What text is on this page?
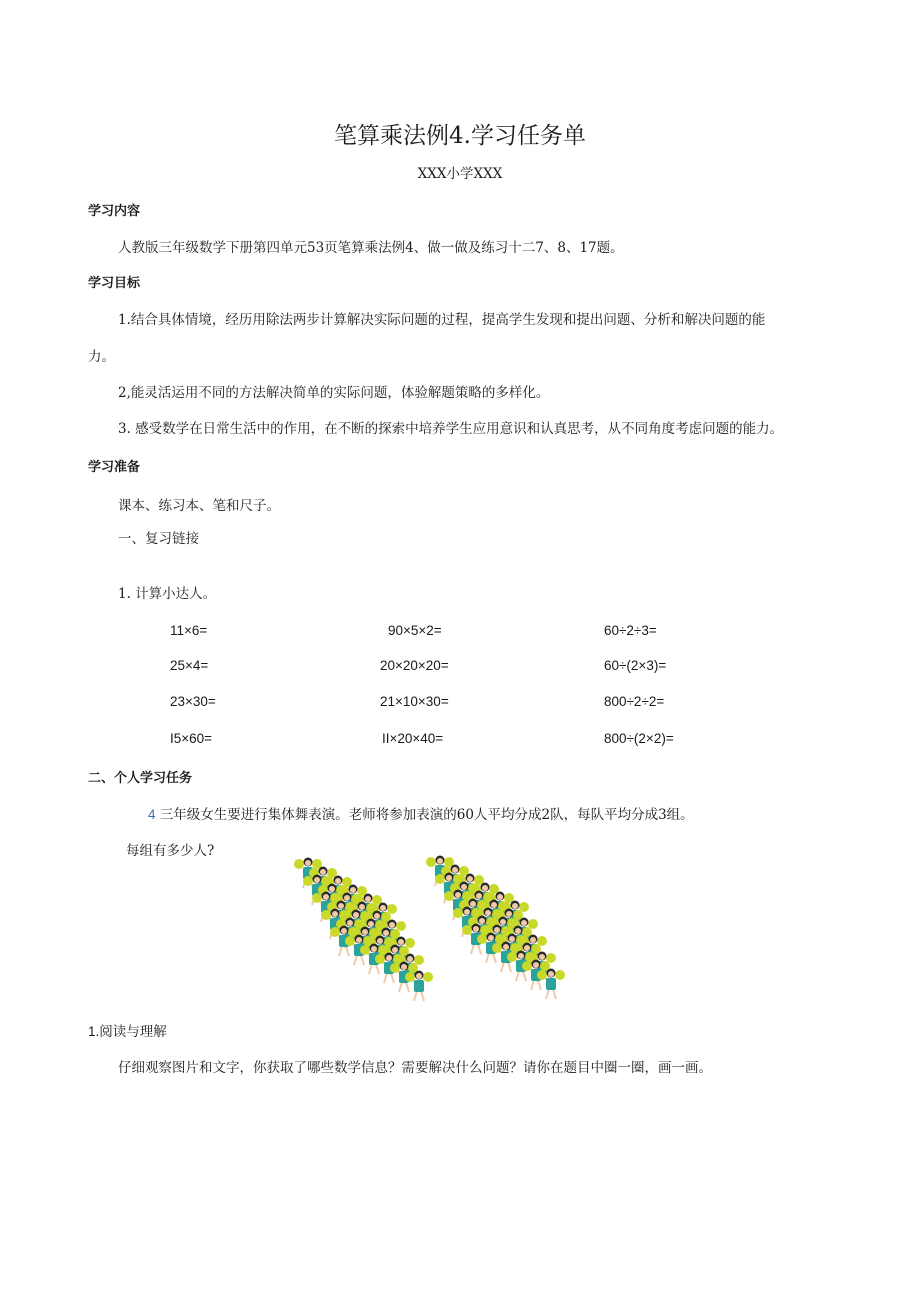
笔算乘法例4.学习任务单
XXX小学XXX
学习内容
人教版三年级数学下册第四单元53页笔算乘法例4、做一做及练习十二7、8、17题。
学习目标
1.结合具体情境，经历用除法两步计算解决实际问题的过程，提高学生发现和提出问题、分析和解决问题的能
力。
2,能灵活运用不同的方法解决简单的实际问题，体验解题策略的多样化。
3. 感受数学在日常生活中的作用，在不断的探索中培养学生应用意识和认真思考，从不同角度考虑问题的能力。
学习准备
课本、练习本、笔和尺子。
一、复习链接
1. 计算小达人。
11×6=	90×5×2=	60÷2÷3=
25×4=	20×20×20=	60÷(2×3)=
23×30=	21×10×30=	800÷2÷2=
I5×60=	II×20×40=	800÷(2×2)=
二、个人学习任务
4 三年级女生要进行集体舞表演。老师将参加表演的60人平均分成2队，每队平均分成3组。
每组有多少人?
1.阅读与理解
仔细观察图片和文字，你获取了哪些数学信息？需要解决什么问题？请你在题目中圈一圈，画一画。
